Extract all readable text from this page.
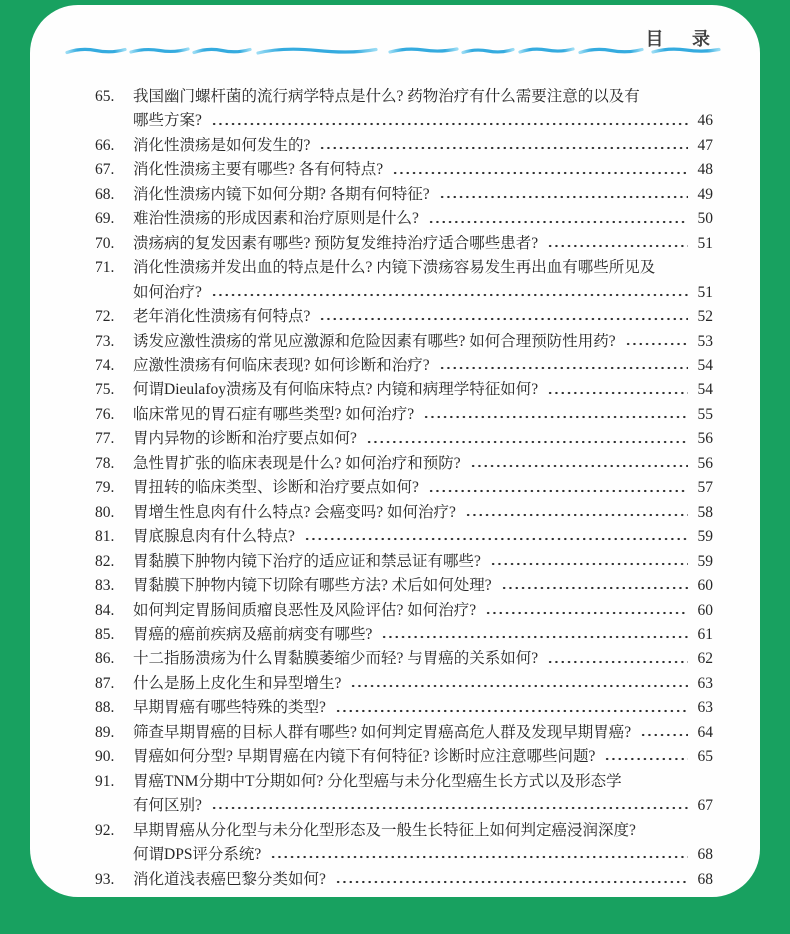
目 录
65.	我国幽门螺杆菌的流行病学特点是什么? 药物治疗有什么需要注意的以及有
哪些方案?	46
66.	消化性溃疡是如何发生的?	47
67.	消化性溃疡主要有哪些? 各有何特点?	48
68.	消化性溃疡内镜下如何分期? 各期有何特征?	49
69.	难治性溃疡的形成因素和治疗原则是什么?	50
70.	溃疡病的复发因素有哪些? 预防复发维持治疗适合哪些患者?	51
71.	消化性溃疡并发出血的特点是什么? 内镜下溃疡容易发生再出血有哪些所见及
如何治疗?	51
72.	老年消化性溃疡有何特点?	52
73.	诱发应激性溃疡的常见应激源和危险因素有哪些? 如何合理预防性用药?	53
74.	应激性溃疡有何临床表现? 如何诊断和治疗?	54
75.	何谓Dieulafoy溃疡及有何临床特点? 内镜和病理学特征如何?	54
76.	临床常见的胃石症有哪些类型? 如何治疗?	55
77.	胃内异物的诊断和治疗要点如何?	56
78.	急性胃扩张的临床表现是什么? 如何治疗和预防?	56
79.	胃扭转的临床类型、诊断和治疗要点如何?	57
80.	胃增生性息肉有什么特点? 会癌变吗? 如何治疗?	58
81.	胃底腺息肉有什么特点?	59
82.	胃黏膜下肿物内镜下治疗的适应证和禁忌证有哪些?	59
83.	胃黏膜下肿物内镜下切除有哪些方法? 术后如何处理?	60
84.	如何判定胃肠间质瘤良恶性及风险评估? 如何治疗?	60
85.	胃癌的癌前疾病及癌前病变有哪些?	61
86.	十二指肠溃疡为什么胃黏膜萎缩少而轻? 与胃癌的关系如何?	62
87.	什么是肠上皮化生和异型增生?	63
88.	早期胃癌有哪些特殊的类型?	63
89.	筛查早期胃癌的目标人群有哪些? 如何判定胃癌高危人群及发现早期胃癌?	64
90.	胃癌如何分型? 早期胃癌在内镜下有何特征? 诊断时应注意哪些问题?	65
91.	胃癌TNM分期中T分期如何? 分化型癌与未分化型癌生长方式以及形态学
有何区别?	67
92.	早期胃癌从分化型与未分化型形态及一般生长特征上如何判定癌浸润深度?
何谓DPS评分系统?	68
93.	消化道浅表癌巴黎分类如何?	68
